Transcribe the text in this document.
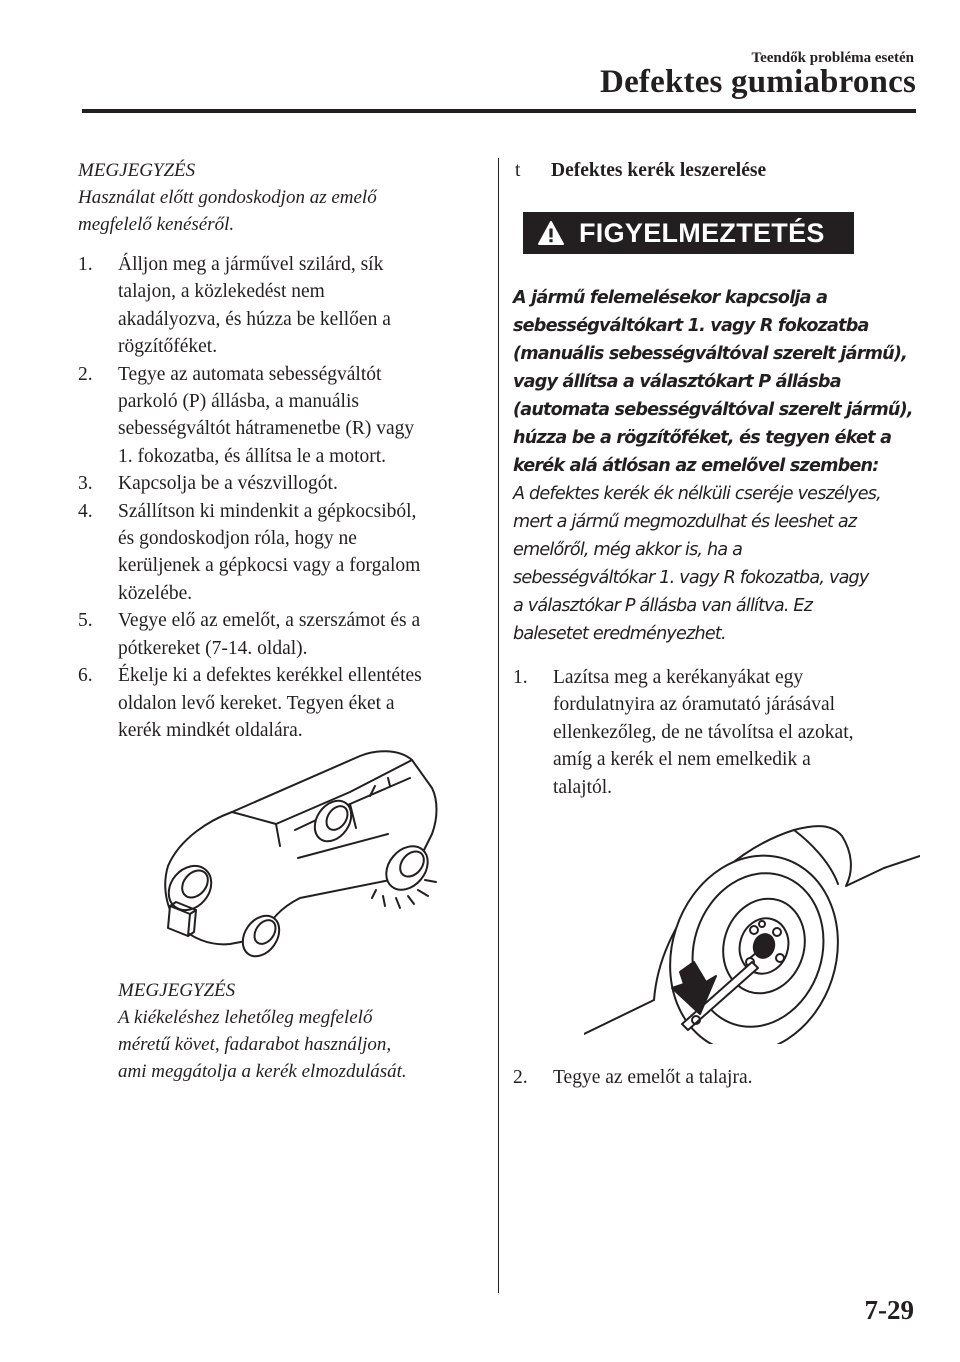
Teendők probléma esetén
Defektes gumiabroncs
MEGJEGYZÉS
Használat előtt gondoskodjon az emelő
megfelelő kenéséről.
1. Álljon meg a járművel szilárd, sík
talajon, a közlekedést nem
akadályozva, és húzza be kellően a
rögzítőféket.
2. Tegye az automata sebességváltót
parkoló (P) állásba, a manuális
sebességváltót hátramenetbe (R) vagy
1. fokozatba, és állítsa le a motort.
3. Kapcsolja be a vészvillogót.
4. Szállítson ki mindenkit a gépkocsiból,
és gondoskodjon róla, hogy ne
kerüljenek a gépkocsi vagy a forgalom
közelébe.
5. Vegye elő az emelőt, a szerszámot és a
pótkereket (7-14. oldal).
6. Ékelje ki a defektes kerékkel ellentétes
oldalon levő kereket. Tegyen éket a
kerék mindkét oldalára.
MEGJEGYZÉS
A kiékeléshez lehetőleg megfelelő
méretű követ, fadarabot használjon,
ami meggátolja a kerék elmozdulását.
t Defektes kerék leszerelése
FIGYELMEZTETÉS
A jármű felemelésekor kapcsolja a
sebességváltókart 1. vagy R fokozatba
(manuális sebességváltóval szerelt jármű),
vagy állítsa a választókart P állásba
(automata sebességváltóval szerelt jármű),
húzza be a rögzítőféket, és tegyen éket a
kerék alá átlósan az emelővel szemben:
A defektes kerék ék nélküli cseréje veszélyes,
mert a jármű megmozdulhat és leeshet az
emelőről, még akkor is, ha a
sebességváltókar 1. vagy R fokozatba, vagy
a választókar P állásba van állítva. Ez
balesetet eredményezhet.
1. Lazítsa meg a kerékanyákat egy
fordulatnyira az óramutató járásával
ellenkezőleg, de ne távolítsa el azokat,
amíg a kerék el nem emelkedik a
talajtól.
2. Tegye az emelőt a talajra.
7-29
